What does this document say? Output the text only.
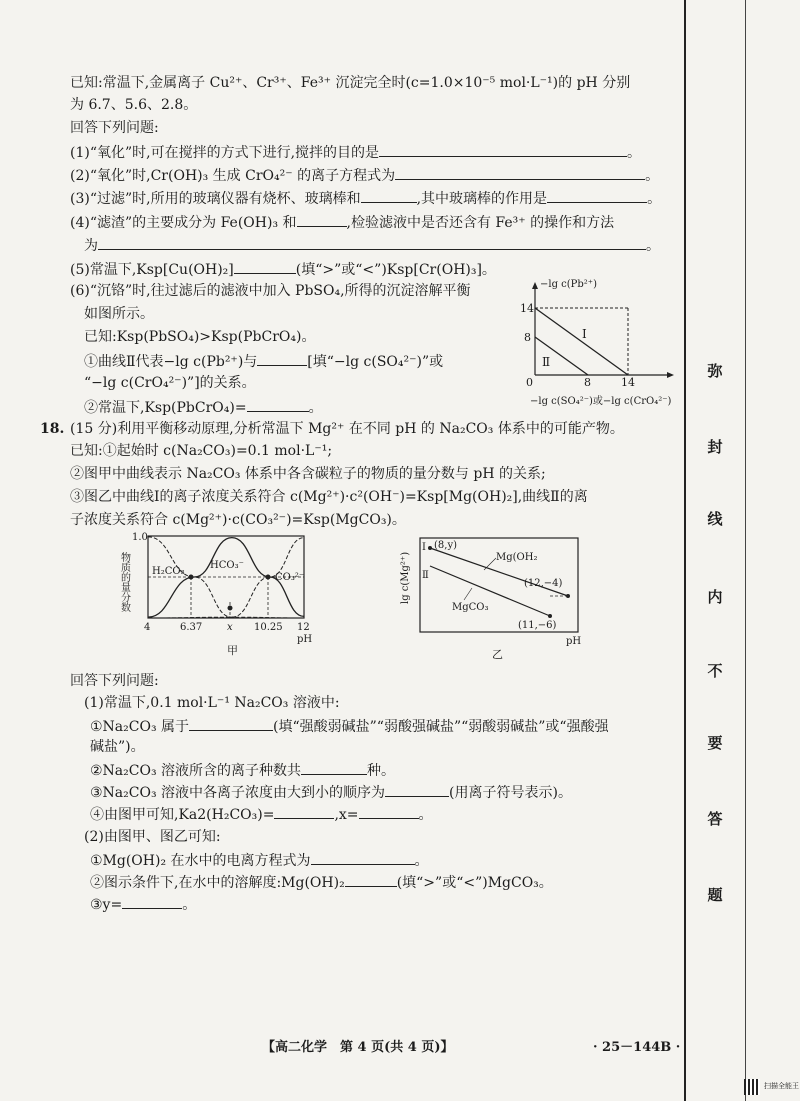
已知:常温下,金属离子 Cu²⁺、Cr³⁺、Fe³⁺ 沉淀完全时(c=1.0×10⁻⁵ mol·L⁻¹)的 pH 分别
为 6.7、5.6、2.8。
回答下列问题:
(1)“氧化”时,可在搅拌的方式下进行,搅拌的目的是	。
(2)“氧化”时,Cr(OH)₃ 生成 CrO₄²⁻ 的离子方程式为	。
(3)“过滤”时,所用的玻璃仪器有烧杯、玻璃棒和	,其中玻璃棒的作用是	。
(4)“滤渣”的主要成分为 Fe(OH)₃ 和	,检验滤液中是否还含有 Fe³⁺ 的操作和方法
为	。
(5)常温下,Ksp[Cu(OH)₂]	(填“>”或“<”)Ksp[Cr(OH)₃]。
(6)“沉铬”时,往过滤后的滤液中加入 PbSO₄,所得的沉淀溶解平衡
如图所示。
已知:Ksp(PbSO₄)>Ksp(PbCrO₄)。
①曲线Ⅱ代表−lg c(Pb²⁺)与	[填“−lg c(SO₄²⁻)”或
“−lg c(CrO₄²⁻)”]的关系。
②常温下,Ksp(PbCrO₄)=	。
Ⅰ
Ⅱ
14
8
0	8	14
−lg c(Pb²⁺)
−lg c(SO₄²⁻)或−lg c(CrO₄²⁻)
18. (15 分)利用平衡移动原理,分析常温下 Mg²⁺ 在不同 pH 的 Na₂CO₃ 体系中的可能产物。
已知:①起始时 c(Na₂CO₃)=0.1 mol·L⁻¹;
②图甲中曲线表示 Na₂CO₃ 体系中各含碳粒子的物质的量分数与 pH 的关系;
③图乙中曲线Ⅰ的离子浓度关系符合 c(Mg²⁺)·c²(OH⁻)=Ksp[Mg(OH)₂],曲线Ⅱ的离
子浓度关系符合 c(Mg²⁺)·c(CO₃²⁻)=Ksp(MgCO₃)。
物质的量分数
1.0
H₂CO₃
HCO₃⁻
CO₃²⁻
4	6.37 x 10.25 12
pH
甲
lg c(Mg²⁺)
Ⅰ
Ⅱ
(8,y)
(12,−4)
(11,−6)
Mg(OH₂
MgCO₃
pH
乙
回答下列问题:
(1)常温下,0.1 mol·L⁻¹ Na₂CO₃ 溶液中:
①Na₂CO₃ 属于	(填“强酸弱碱盐”“弱酸强碱盐”“弱酸弱碱盐”或“强酸强
碱盐”)。
②Na₂CO₃ 溶液所含的离子种数共	种。
③Na₂CO₃ 溶液中各离子浓度由大到小的顺序为	(用离子符号表示)。
④由图甲可知,Ka2(H₂CO₃)=	,x=	。
(2)由图甲、图乙可知:
①Mg(OH)₂ 在水中的电离方程式为	。
②图示条件下,在水中的溶解度:Mg(OH)₂	(填“>”或“<”)MgCO₃。
③y=	。
【高二化学　第 4 页(共 4 页)】	· 25－144B ·
弥
封
线
内
不
要
答
题
扫描全能王
